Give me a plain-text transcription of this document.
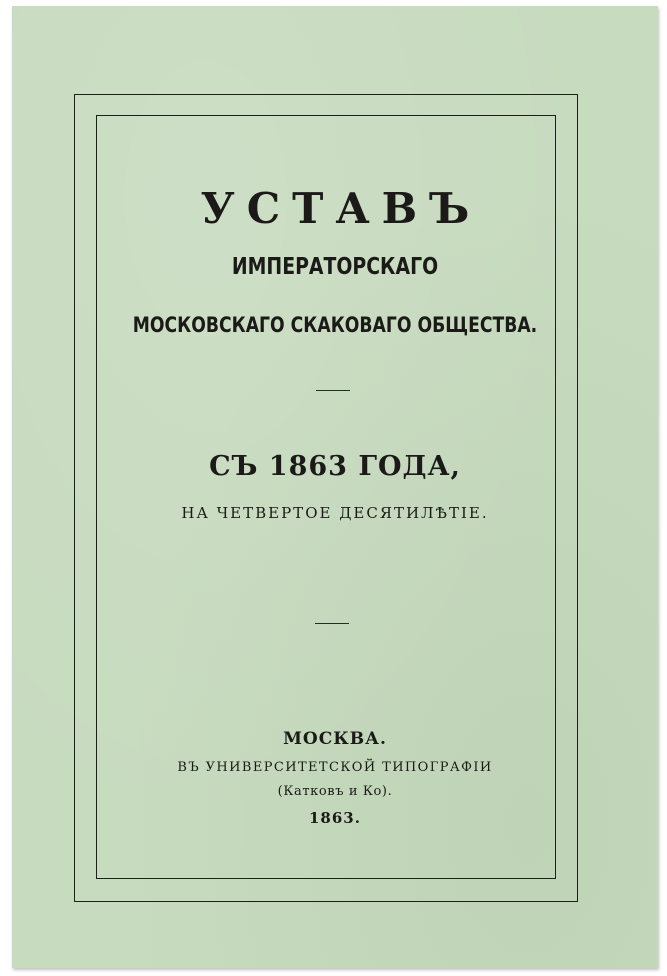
УСТАВЪ
ИМПЕРАТОРСКАГО
МОСКОВСКАГО СКАКОВАГО ОБЩЕСТВА.
СЪ 1863 ГОДА,
НА ЧЕТВЕРТОЕ ДЕСЯТИЛѢТІЕ.
МОСКВА.
ВЪ УНИВЕРСИТЕТСКОЙ ТИПОГРАФІИ
(Катковъ и Ко).
1863.
